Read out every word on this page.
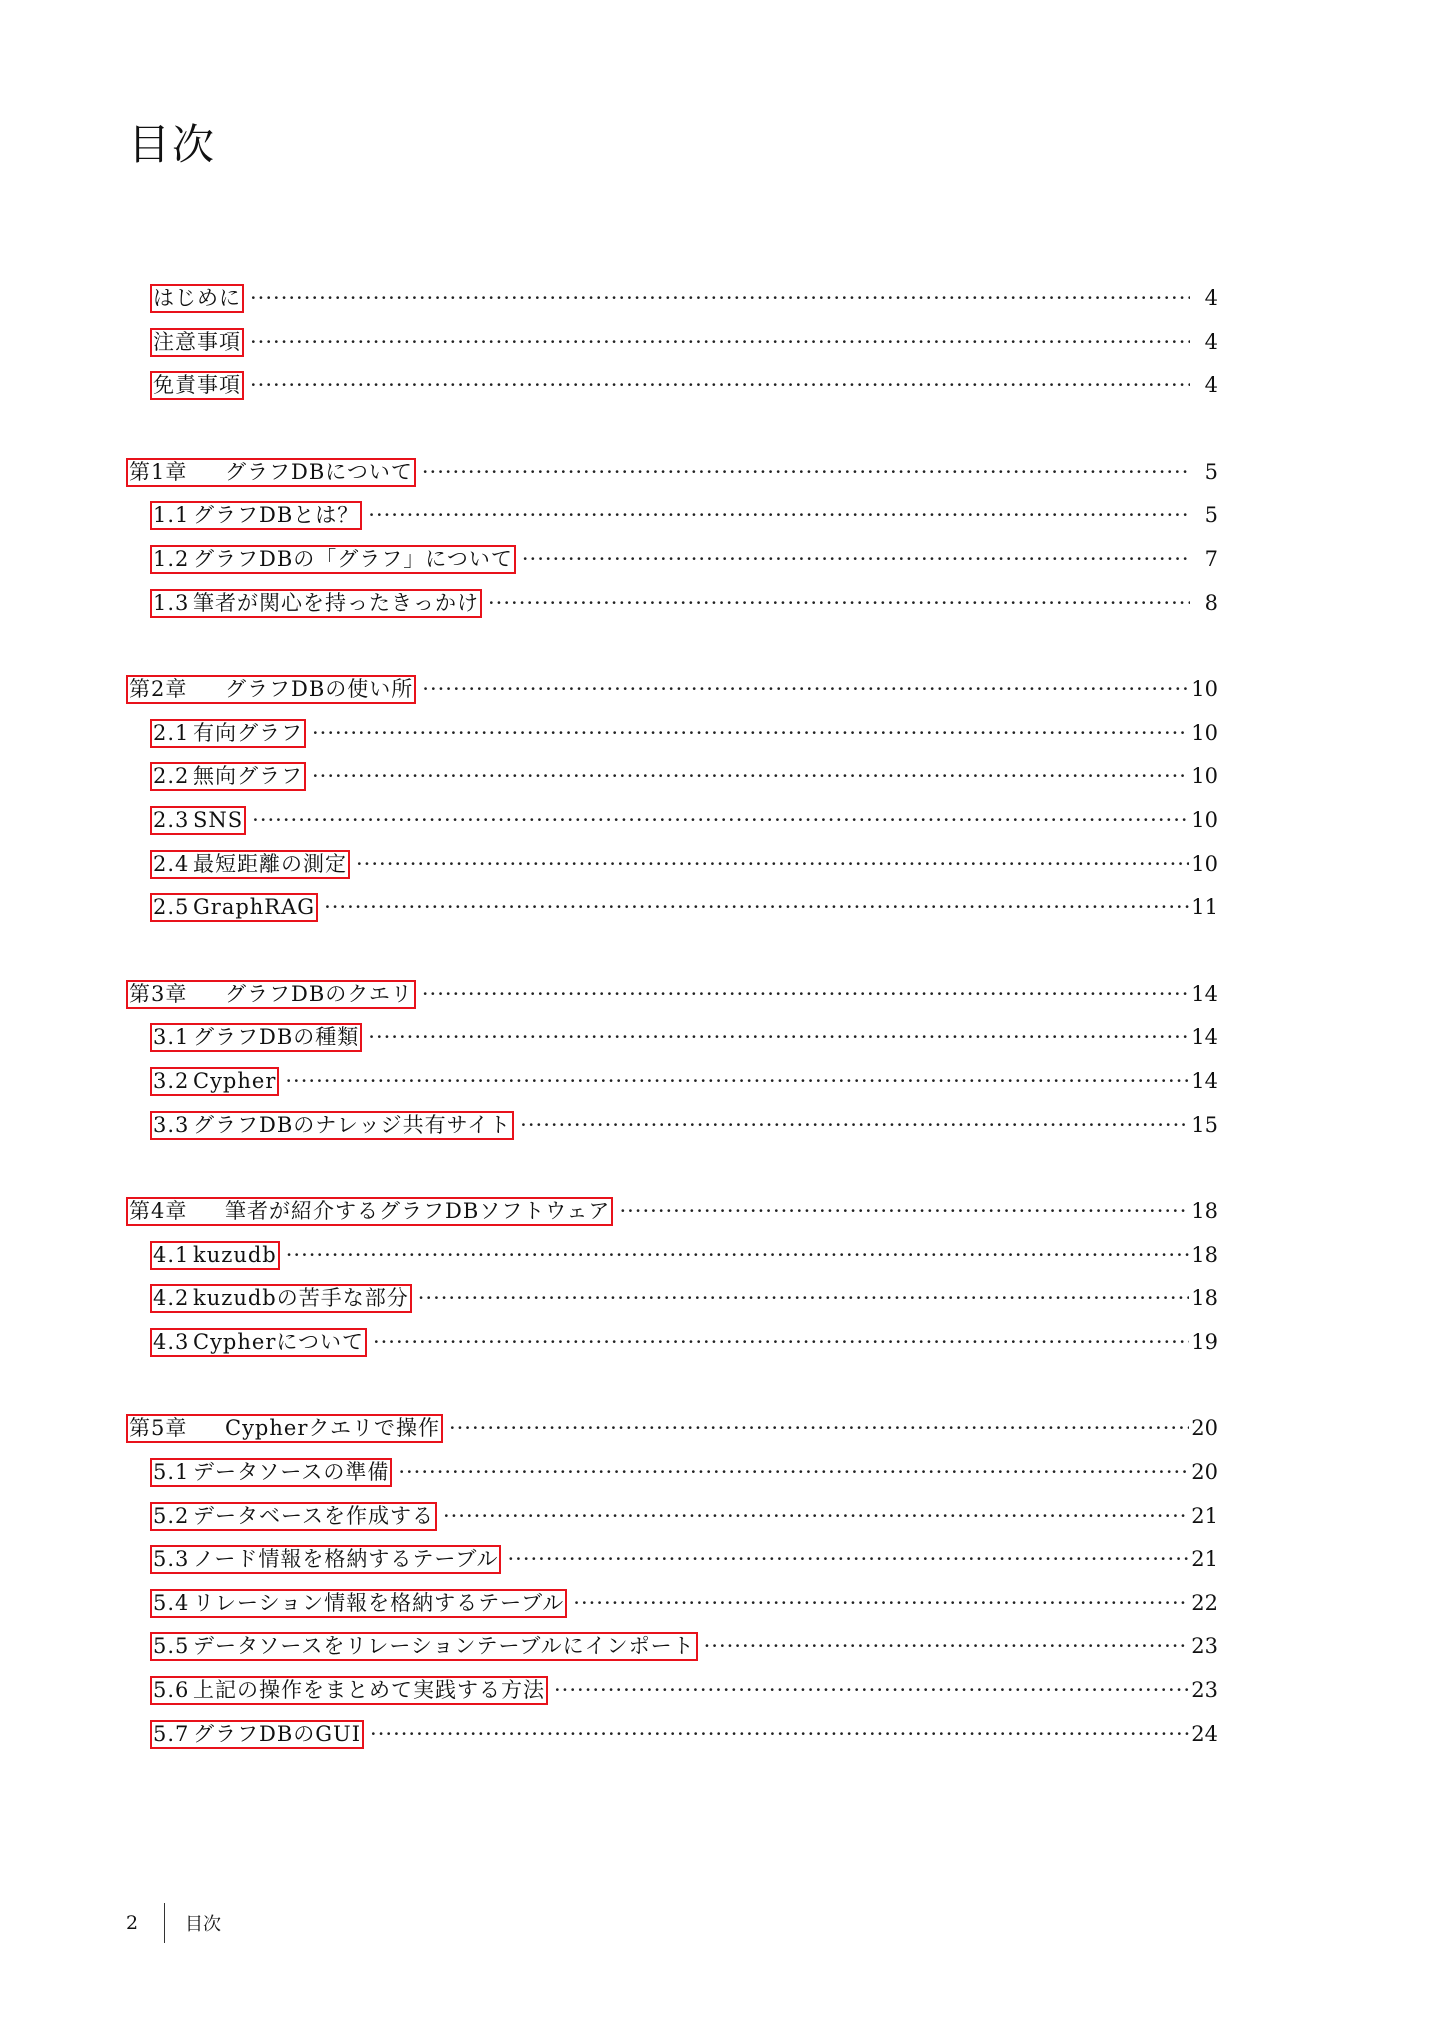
目次
はじめに ·····	4
注意事項 ·····	4
免責事項 ·····	4
第1章 グラフDBについて ·····	5
1.1 グラフDBとは？ ·····	5
1.2 グラフDBの「グラフ」について ·····	7
1.3 筆者が関心を持ったきっかけ ·····	8
第2章 グラフDBの使い所 ·····	10
2.1 有向グラフ ·····	10
2.2 無向グラフ ·····	10
2.3 SNS ·····	10
2.4 最短距離の測定 ·····	10
2.5 GraphRAG ·····	11
第3章 グラフDBのクエリ ·····	14
3.1 グラフDBの種類 ·····	14
3.2 Cypher ·····	14
3.3 グラフDBのナレッジ共有サイト ·····	15
第4章 筆者が紹介するグラフDBソフトウェア ·····	18
4.1 kuzudb ·····	18
4.2 kuzudbの苦手な部分 ·····	18
4.3 Cypherについて ·····	19
第5章 Cypherクエリで操作 ·····	20
5.1 データソースの準備 ·····	20
5.2 データベースを作成する ·····	21
5.3 ノード情報を格納するテーブル ·····	21
5.4 リレーション情報を格納するテーブル ·····	22
5.5 データソースをリレーションテーブルにインポート ·····	23
5.6 上記の操作をまとめて実践する方法 ·····	23
5.7 グラフDBのGUI ·····	24
2	目次
